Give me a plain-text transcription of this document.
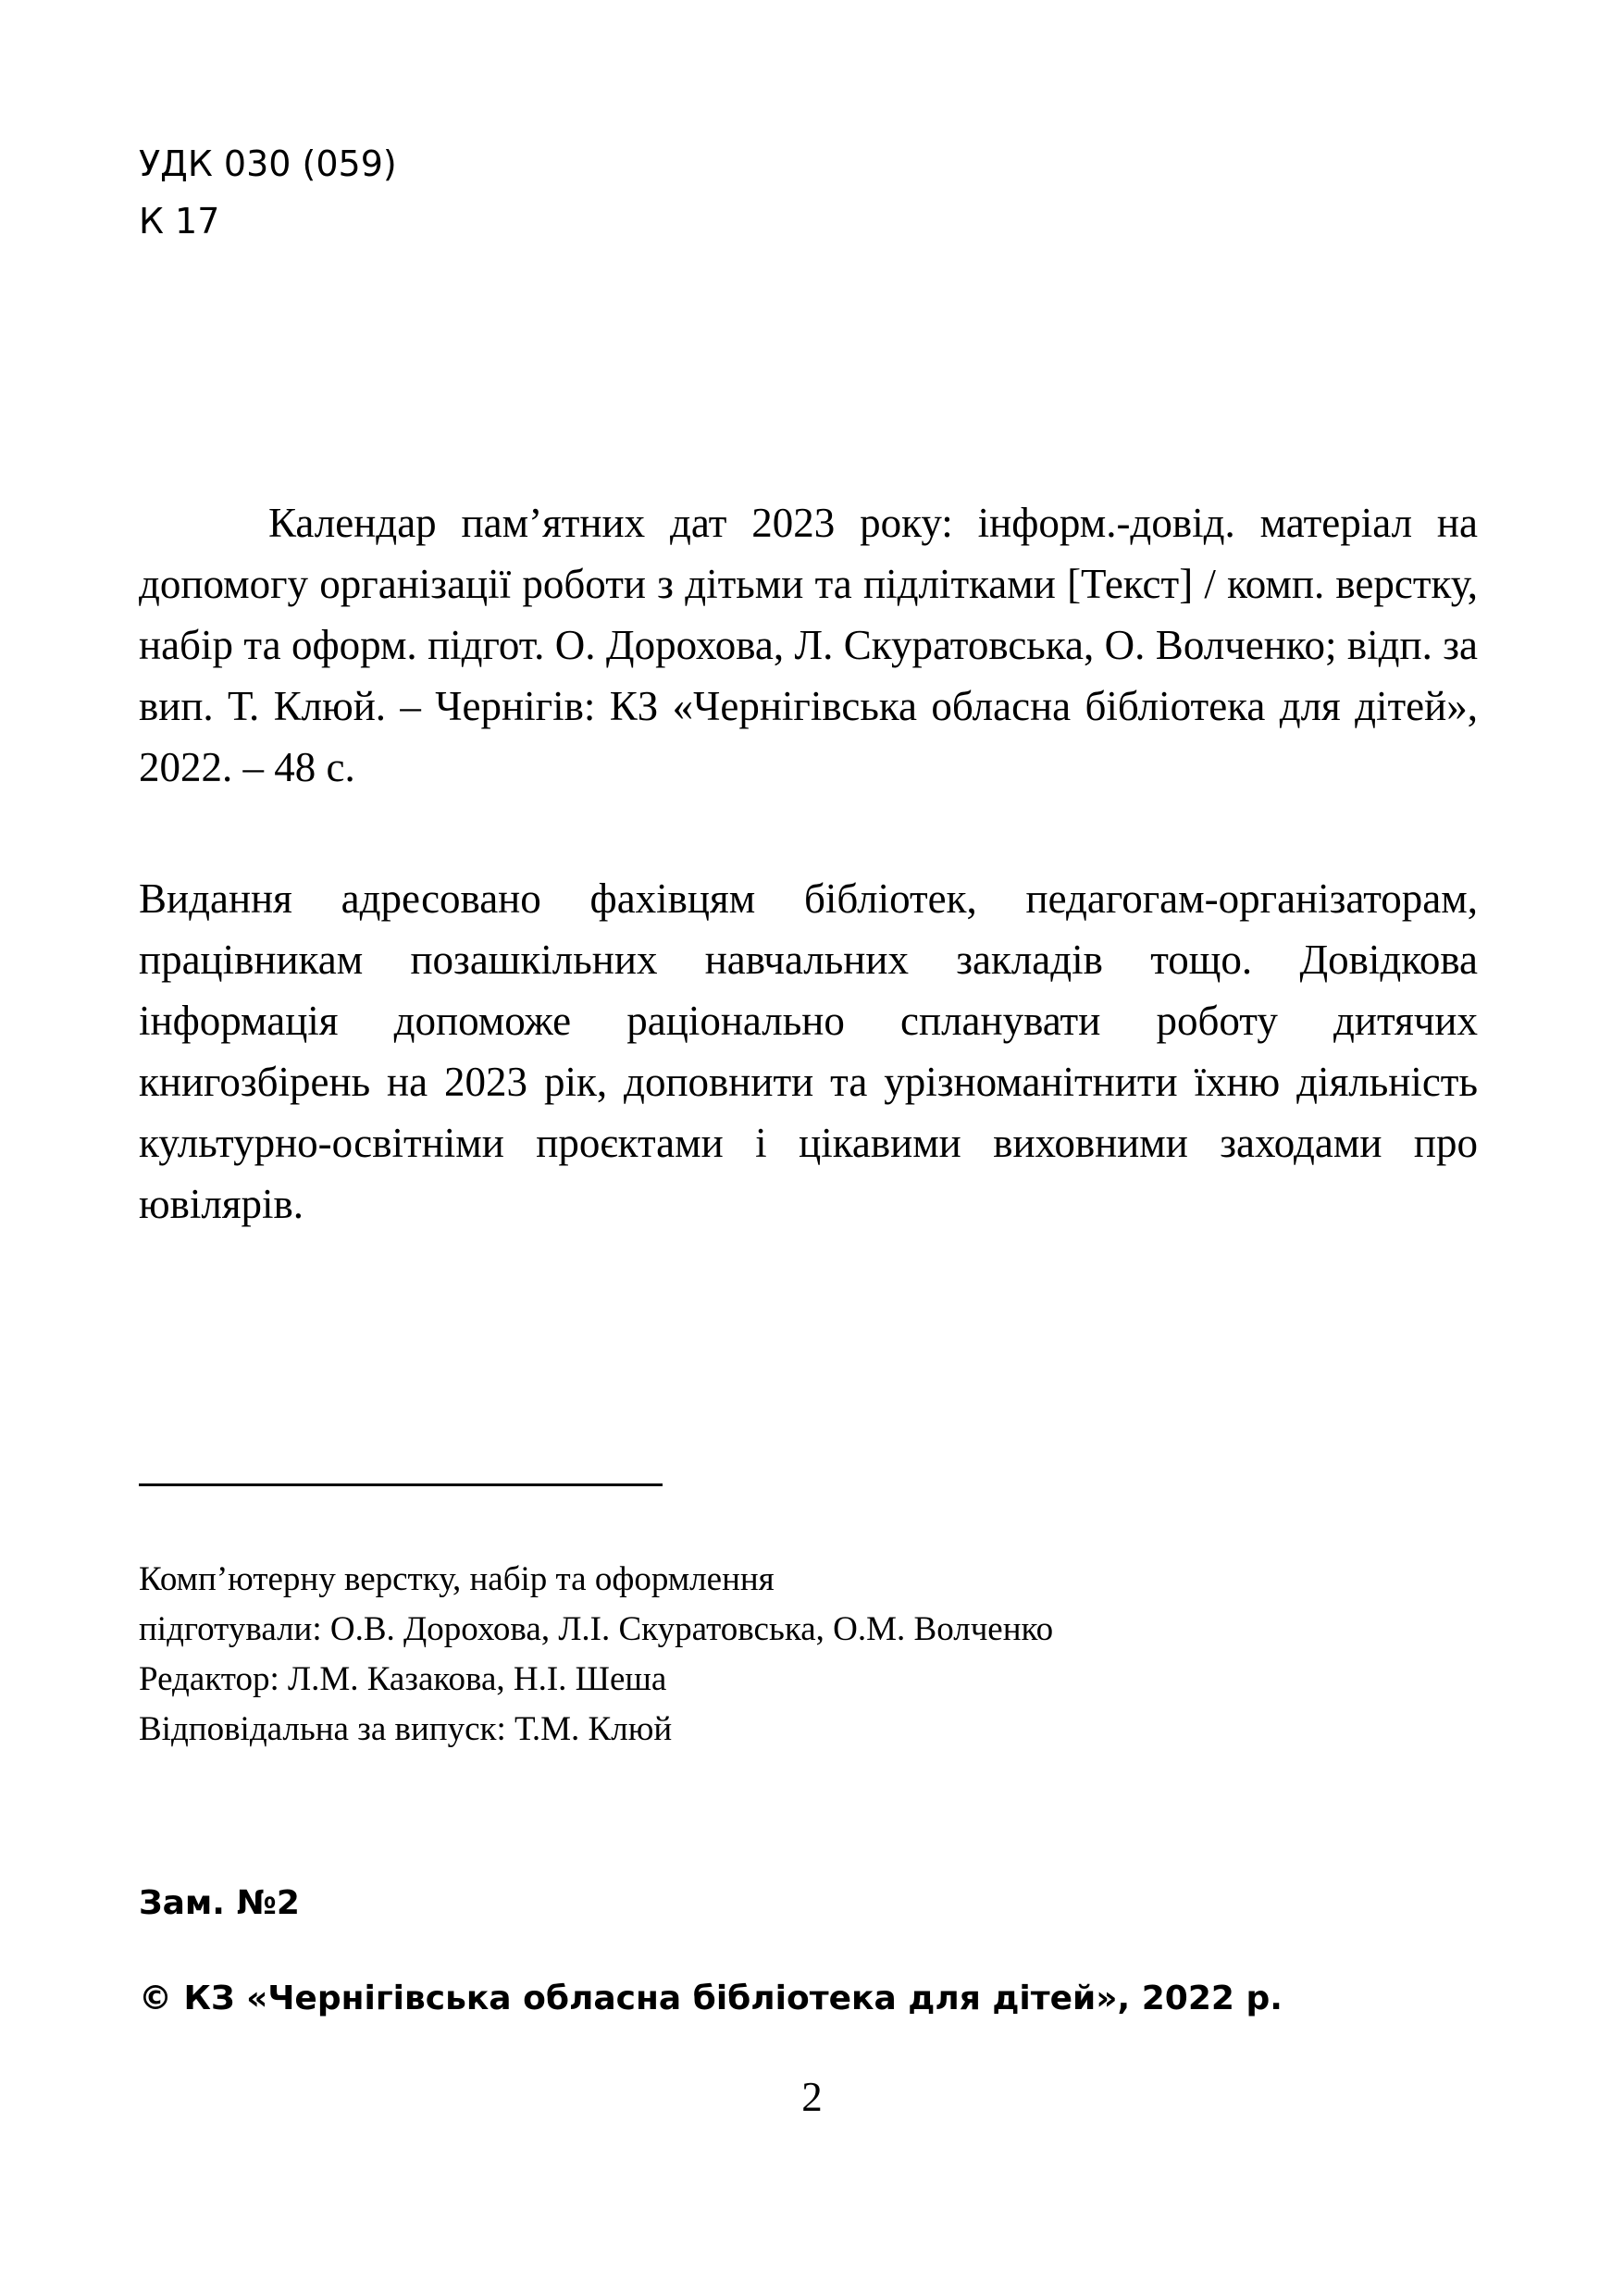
УДК 030 (059)
К 17
Календар пам’ятних дат 2023 року: інформ.-довід. матеріал на допомогу організації роботи з дітьми та підлітками [Текст] / комп. верстку, набір та оформ. підгот. О. Дорохова, Л. Скуратовська, О. Волченко; відп. за вип. Т. Клюй. – Чернігів: КЗ «Чернігівська обласна бібліотека для дітей», 2022. – 48 с.
Видання адресовано фахівцям бібліотек, педагогам-організаторам, працівникам позашкільних навчальних закладів тощо. Довідкова інформація допоможе раціонально спланувати роботу дитячих книгозбірень на 2023 рік, доповнити та урізноманітнити їхню діяльність культурно-освітніми проєктами і цікавими виховними заходами про ювілярів.
Комп’ютерну верстку, набір та оформлення
підготували: О.В. Дорохова, Л.І. Скуратовська, О.М. Волченко
Редактор: Л.М. Казакова, Н.І. Шеша
Відповідальна за випуск: Т.М. Клюй
Зам. №2
© КЗ «Чернігівська обласна бібліотека для дітей», 2022 р.
2
